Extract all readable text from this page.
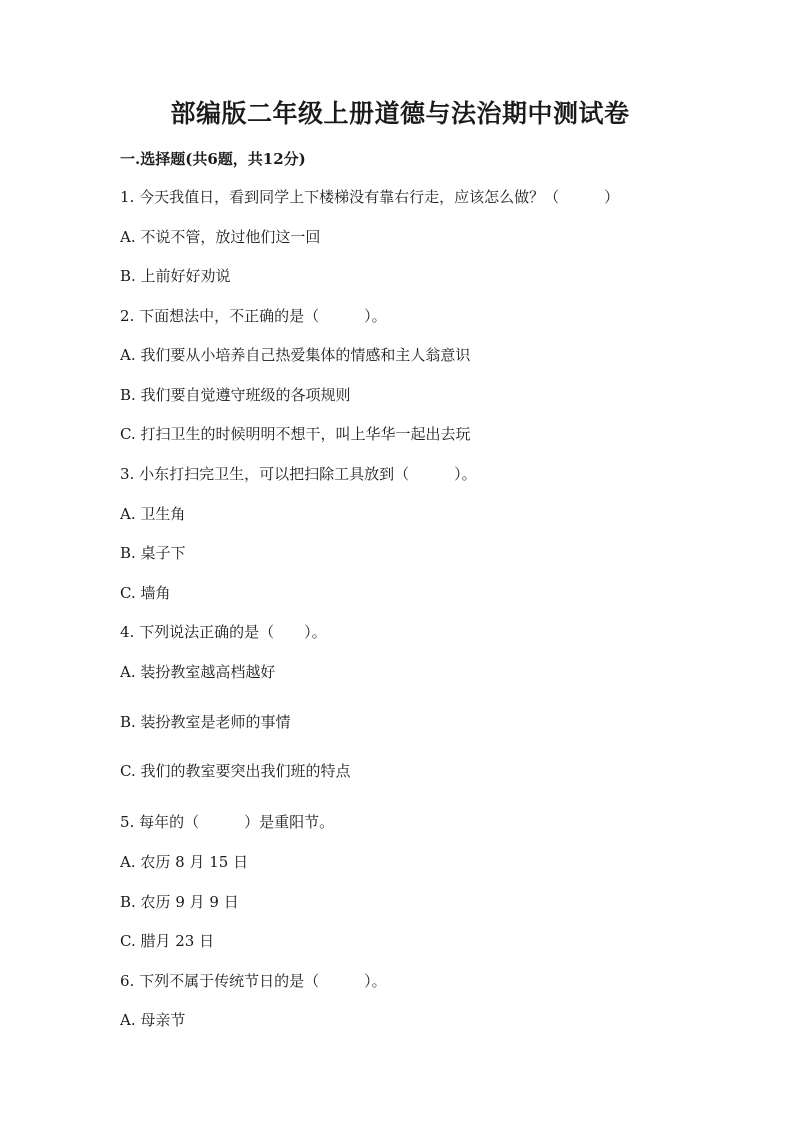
部编版二年级上册道德与法治期中测试卷

一.选择题(共6题，共12分)

1. 今天我值日，看到同学上下楼梯没有靠右行走，应该怎么做？（　　　）

A. 不说不管，放过他们这一回

B. 上前好好劝说

2. 下面想法中，不正确的是（　　　）。

A. 我们要从小培养自己热爱集体的情感和主人翁意识

B. 我们要自觉遵守班级的各项规则

C. 打扫卫生的时候明明不想干，叫上华华一起出去玩

3. 小东打扫完卫生，可以把扫除工具放到（　　　）。

A. 卫生角

B. 桌子下

C. 墙角

4. 下列说法正确的是（　　）。

A. 装扮教室越高档越好

B. 装扮教室是老师的事情

C. 我们的教室要突出我们班的特点

5. 每年的（　　　）是重阳节。

A. 农历 8 月 15 日

B. 农历 9 月 9 日

C. 腊月 23 日

6. 下列不属于传统节日的是（　　　）。

A. 母亲节
